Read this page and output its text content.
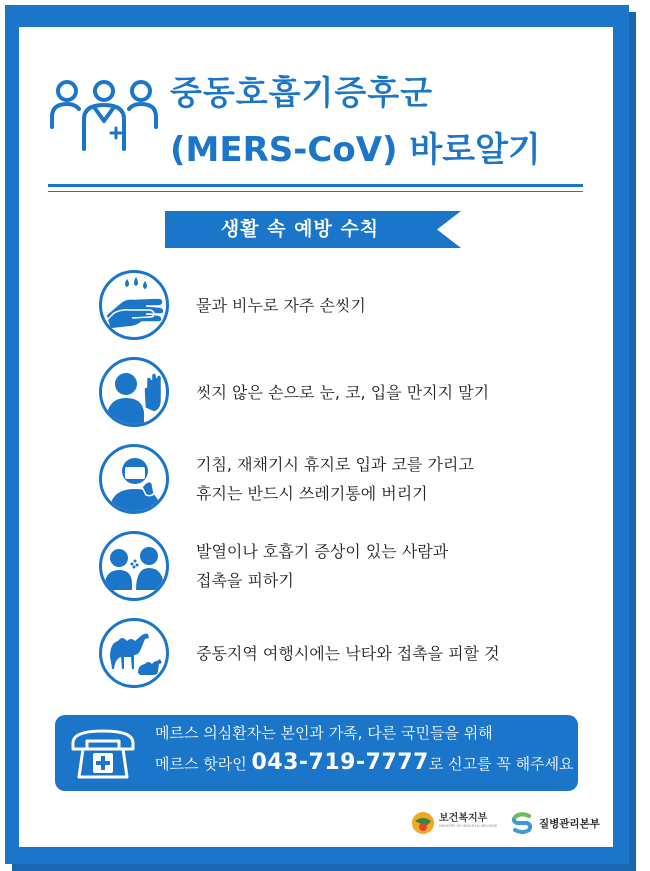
중동호흡기증후군
(MERS-CoV) 바로알기
생활 속 예방 수칙
물과 비누로 자주 손씻기
씻지 않은 손으로 눈, 코, 입을 만지지 말기
기침, 재채기시 휴지로 입과 코를 가리고
휴지는 반드시 쓰레기통에 버리기
발열이나 호흡기 증상이 있는 사람과
접촉을 피하기
중동지역 여행시에는 낙타와 접촉을 피할 것
메르스 의심환자는 본인과 가족, 다른 국민들을 위해
메르스 핫라인 043-719-7777로 신고를 꼭 해주세요
보건복지부
MINISTRY OF HEALTH & WELFARE	질병관리본부
